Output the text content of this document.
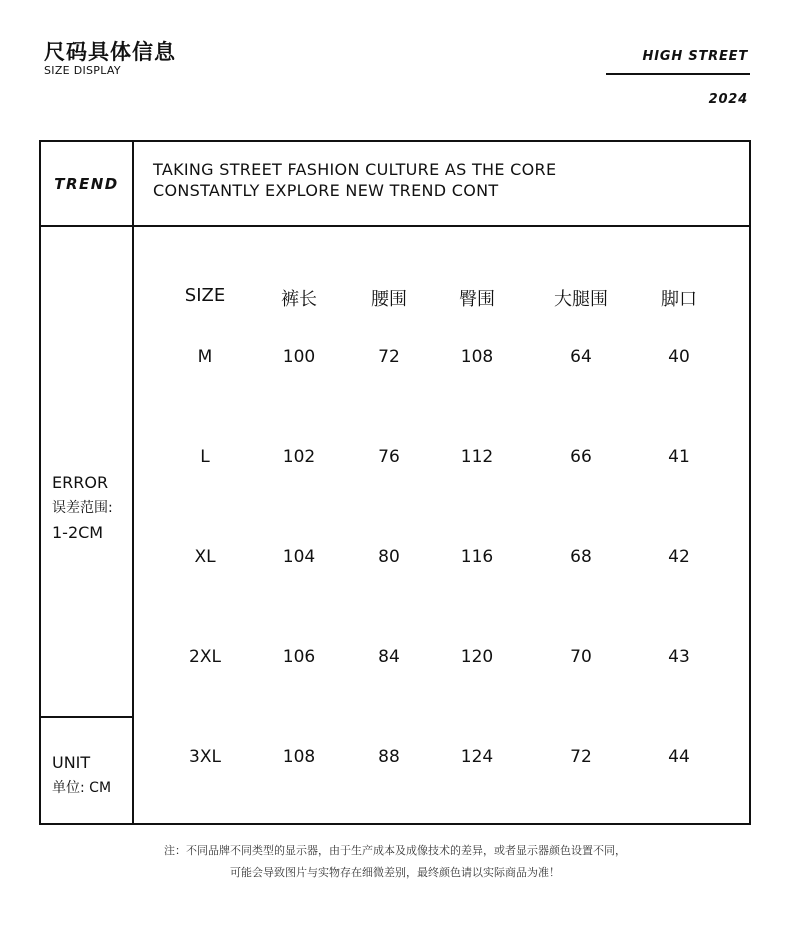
尺码具体信息
SIZE DISPLAY
HIGH STREET
2024
TREND
TAKING STREET FASHION CULTURE AS THE CORE
CONSTANTLY EXPLORE NEW TREND CONT
ERROR
误差范围:
1-2CM
UNIT
单位: CM
SIZE	裤长	腰围	臀围	大腿围	脚口
M	100	72	108	64	40
L	102	76	112	66	41
XL	104	80	116	68	42
2XL	106	84	120	70	43
3XL	108	88	124	72	44
注：不同品牌不同类型的显示器，由于生产成本及成像技术的差异，或者显示器颜色设置不同，
可能会导致图片与实物存在细微差别，最终颜色请以实际商品为准！
